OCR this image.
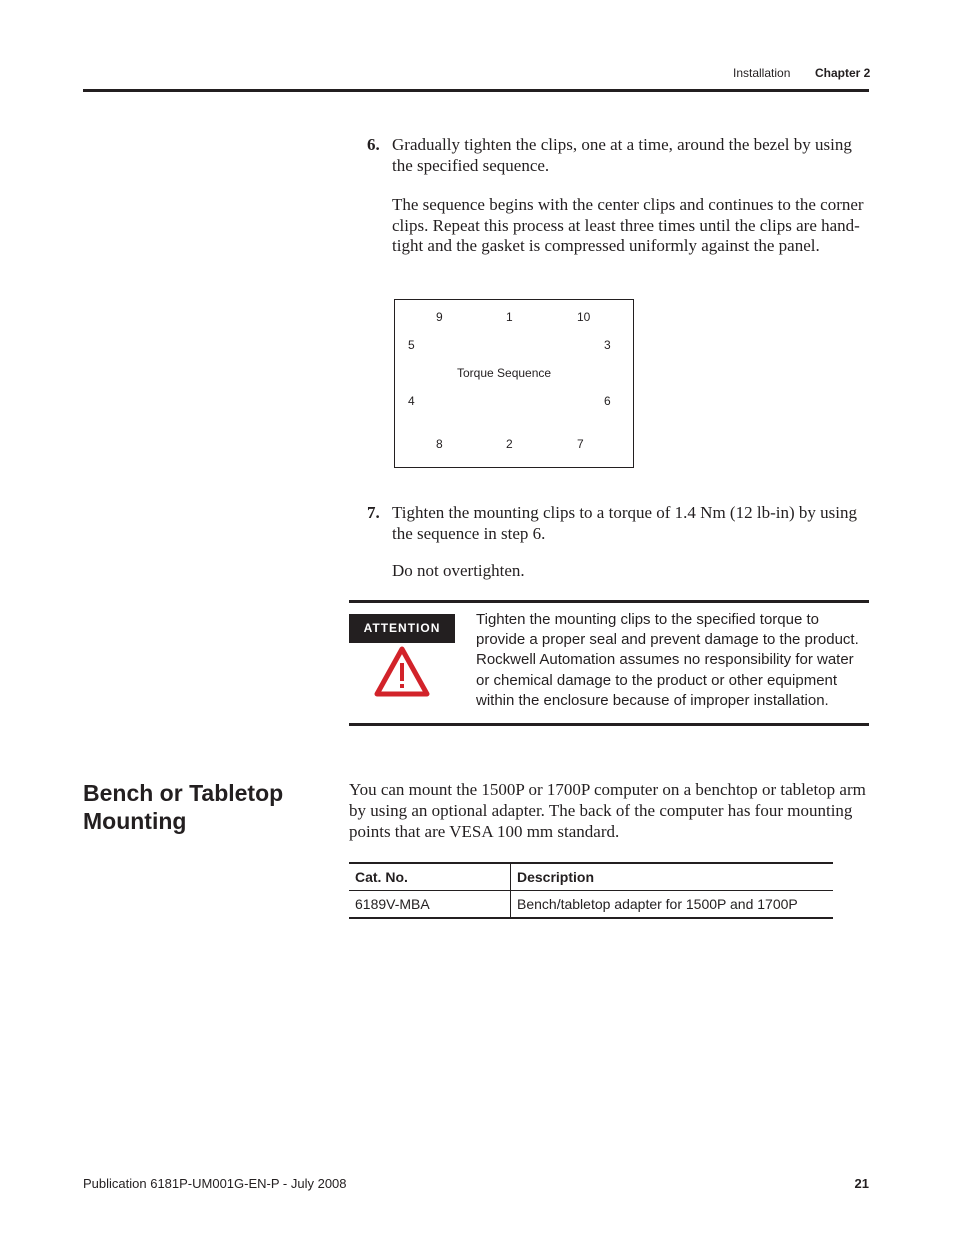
Installation Chapter 2
6. Gradually tighten the clips, one at a time, around the bezel by using the specified sequence.
The sequence begins with the center clips and continues to the corner clips. Repeat this process at least three times until the clips are hand-tight and the gasket is compressed uniformly against the panel.
9	1	10
5	3
Torque Sequence
4	6
8	2	7
7. Tighten the mounting clips to a torque of 1.4 Nm (12 lb-in) by using the sequence in step 6.
Do not overtighten.
ATTENTION	Tighten the mounting clips to the specified torque to provide a proper seal and prevent damage to the product. Rockwell Automation assumes no responsibility for water or chemical damage to the product or other equipment within the enclosure because of improper installation.
Bench or Tabletop Mounting
You can mount the 1500P or 1700P computer on a benchtop or tabletop arm by using an optional adapter. The back of the computer has four mounting points that are VESA 100 mm standard.
Cat. No.	Description
6189V-MBA	Bench/tabletop adapter for 1500P and 1700P
Publication 6181P-UM001G-EN-P - July 2008	21
